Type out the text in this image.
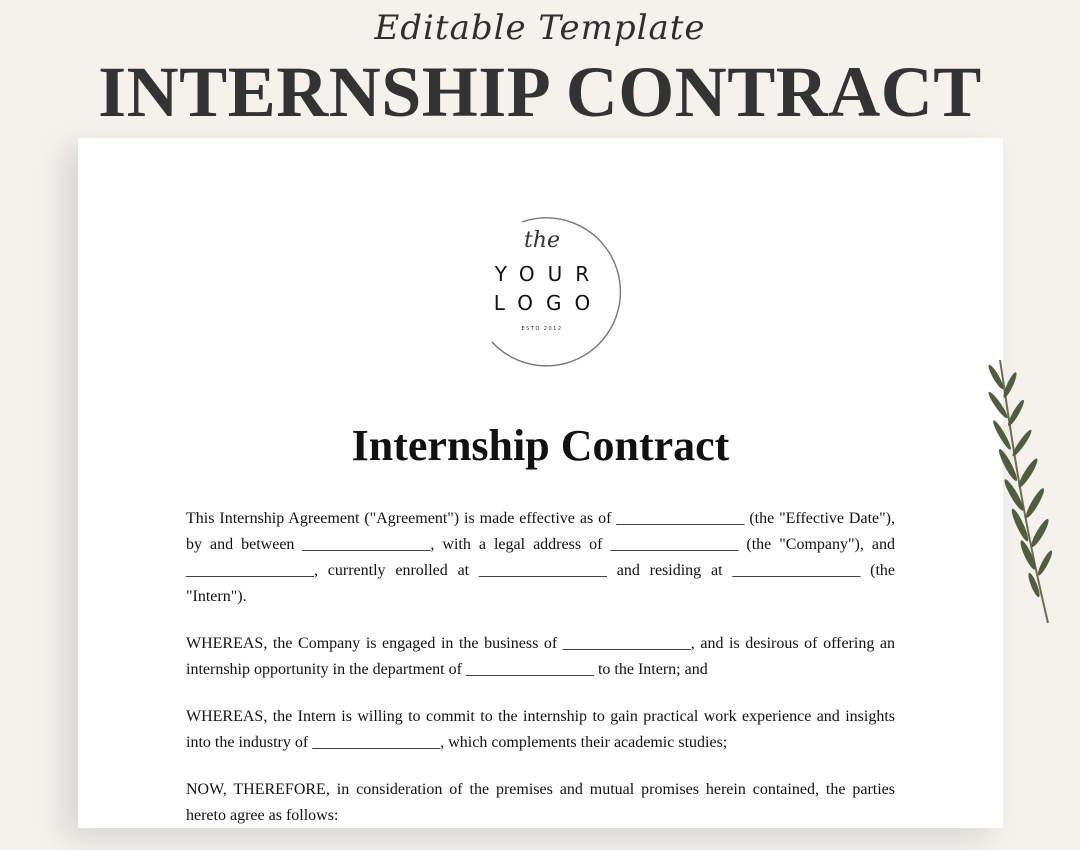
Editable Template
INTERNSHIP CONTRACT
the
YOUR
LOGO
ESTD 2012
Internship Contract

This Internship Agreement ("Agreement") is made effective as of ________________ (the "Effective Date"), by and between ________________, with a legal address of ________________ (the "Company"), and ________________, currently enrolled at ________________ and residing at ________________ (the "Intern").

WHEREAS, the Company is engaged in the business of ________________, and is desirous of offering an internship opportunity in the department of ________________ to the Intern; and

WHEREAS, the Intern is willing to commit to the internship to gain practical work experience and insights into the industry of ________________, which complements their academic studies;

NOW, THEREFORE, in consideration of the premises and mutual promises herein contained, the parties hereto agree as follows:
